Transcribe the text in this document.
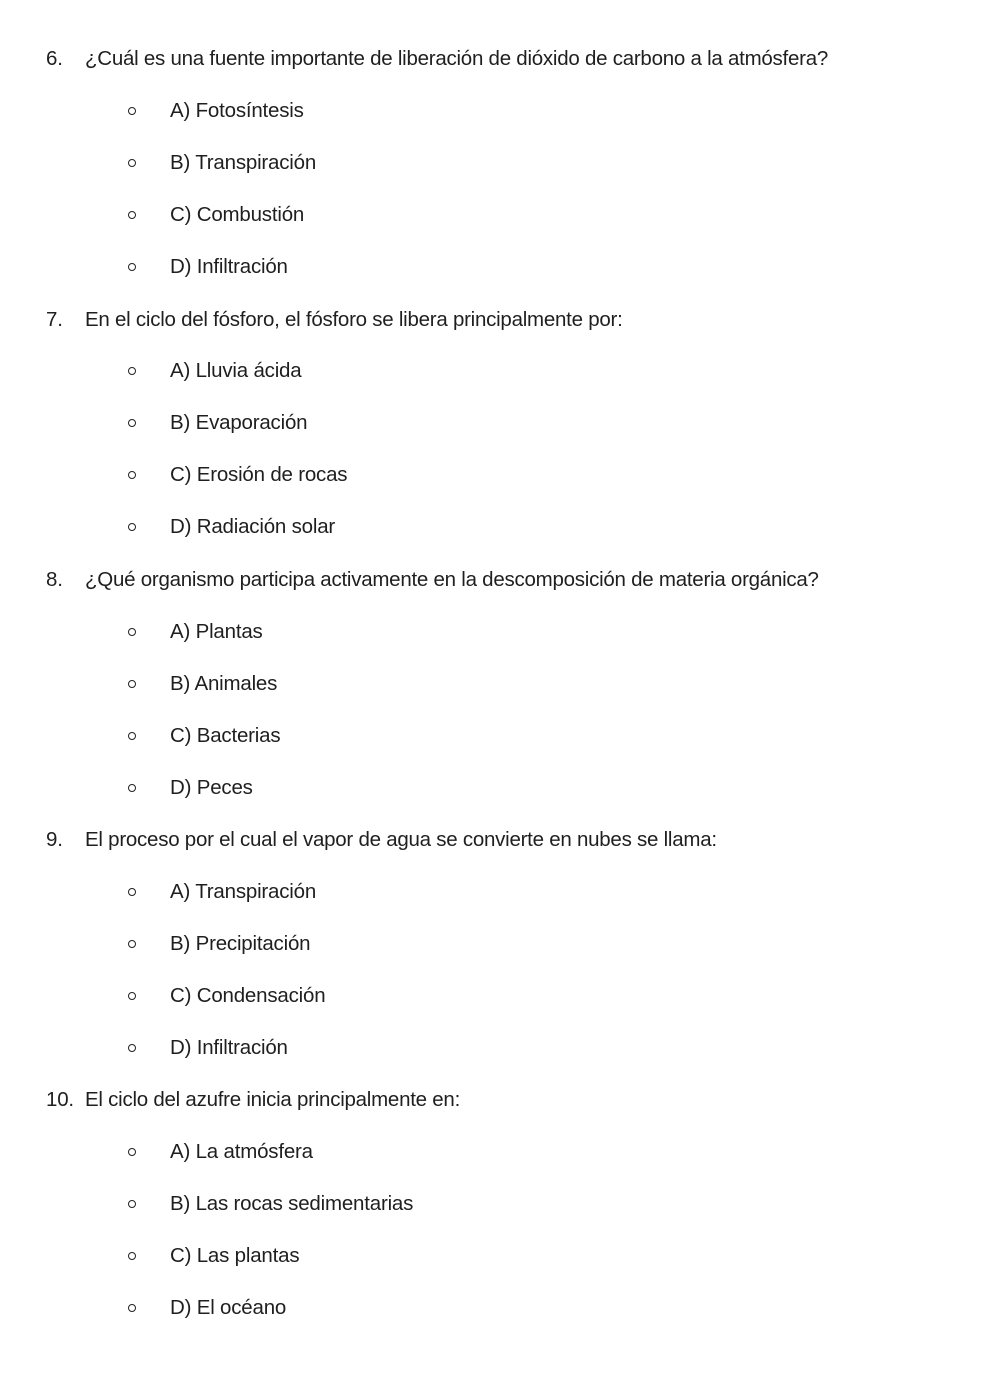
6. ¿Cuál es una fuente importante de liberación de dióxido de carbono a la atmósfera?
A) Fotosíntesis
B) Transpiración
C) Combustión
D) Infiltración
7. En el ciclo del fósforo, el fósforo se libera principalmente por:
A) Lluvia ácida
B) Evaporación
C) Erosión de rocas
D) Radiación solar
8. ¿Qué organismo participa activamente en la descomposición de materia orgánica?
A) Plantas
B) Animales
C) Bacterias
D) Peces
9. El proceso por el cual el vapor de agua se convierte en nubes se llama:
A) Transpiración
B) Precipitación
C) Condensación
D) Infiltración
10. El ciclo del azufre inicia principalmente en:
A) La atmósfera
B) Las rocas sedimentarias
C) Las plantas
D) El océano
